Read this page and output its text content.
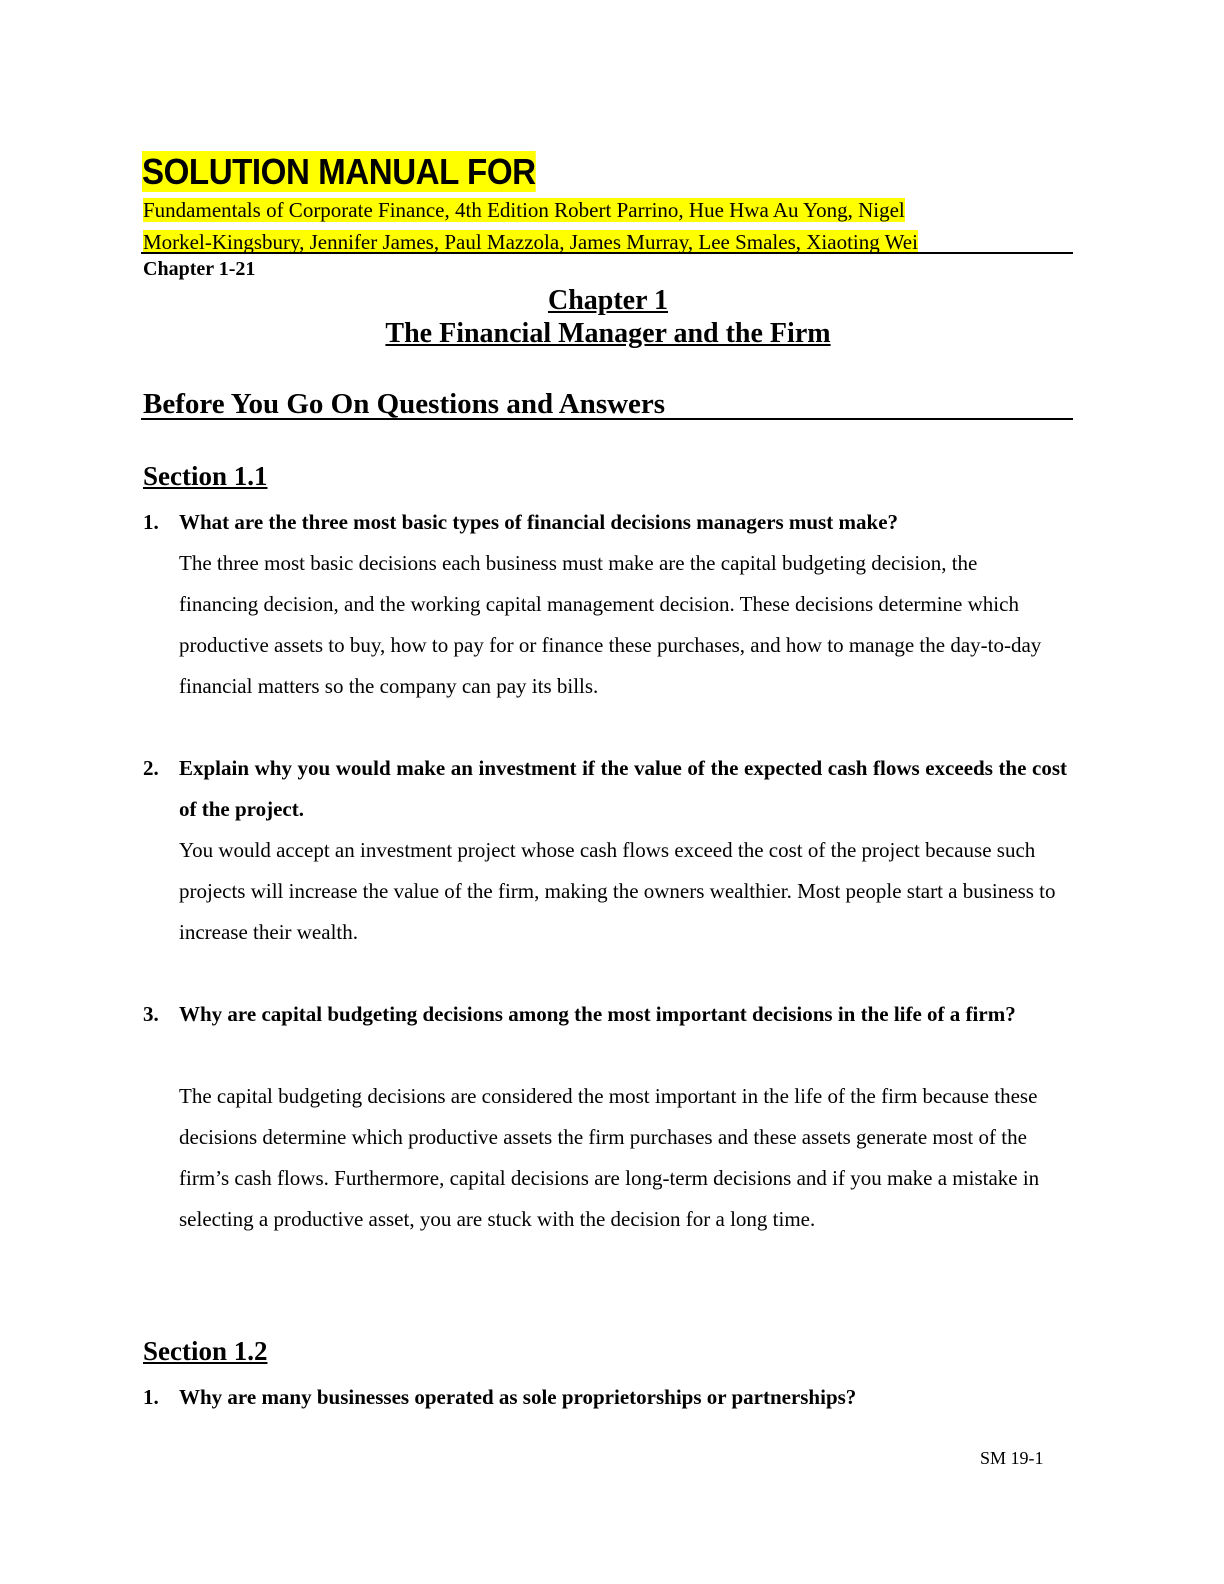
SOLUTION MANUAL FOR
Fundamentals of Corporate Finance, 4th Edition Robert Parrino, Hue Hwa Au Yong, Nigel
Morkel-Kingsbury, Jennifer James, Paul Mazzola, James Murray, Lee Smales, Xiaoting Wei
Chapter 1-21
Chapter 1
The Financial Manager and the Firm
Before You Go On Questions and Answers
Section 1.1
1. What are the three most basic types of financial decisions managers must make?
The three most basic decisions each business must make are the capital budgeting decision, the financing decision, and the working capital management decision. These decisions determine which productive assets to buy, how to pay for or finance these purchases, and how to manage the day-to-day financial matters so the company can pay its bills.
2. Explain why you would make an investment if the value of the expected cash flows exceeds the cost of the project.
You would accept an investment project whose cash flows exceed the cost of the project because such projects will increase the value of the firm, making the owners wealthier. Most people start a business to increase their wealth.
3. Why are capital budgeting decisions among the most important decisions in the life of a firm?
The capital budgeting decisions are considered the most important in the life of the firm because these decisions determine which productive assets the firm purchases and these assets generate most of the firm’s cash flows. Furthermore, capital decisions are long-term decisions and if you make a mistake in selecting a productive asset, you are stuck with the decision for a long time.
Section 1.2
1. Why are many businesses operated as sole proprietorships or partnerships?
SM 19-1
